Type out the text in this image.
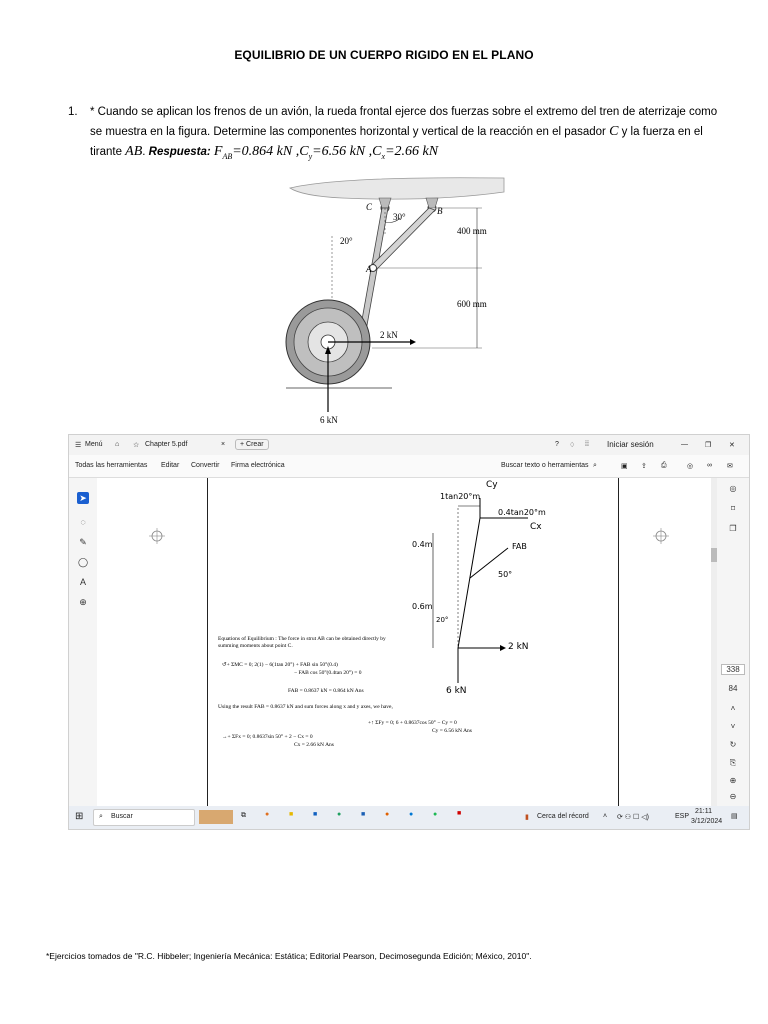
EQUILIBRIO DE UN CUERPO RIGIDO EN EL PLANO
1. * Cuando se aplican los frenos de un avión, la rueda frontal ejerce dos fuerzas sobre el extremo del tren de aterrizaje como se muestra en la figura. Determine las componentes horizontal y vertical de la reacción en el pasador C y la fuerza en el tirante AB. Respuesta: $F_{AB}=0.864$ kN $,C_y=6.56$ kN $,C_x=2.66$ kN
C	B
A
30°
20°
400 mm
600 mm
2 kN
6 kN
☰ Menú ⌂ ☆ Chapter 5.pdf	×	+ Crear	? ♢ ⁞⁞ Iniciar sesión	— ❐	✕
Todas las herramientas Editar Convertir Firma electrónica	Buscar texto o herramientas ⌕	▣ ⇪ ⎙	◎ ∞ ✉
➤
◌
✎
◯
A
⊕
Cy
1tan20°m
0.4tan20°m
Cx
0.4m	FAB
50°
0.6m
20°
2 kN
6 kN
Equations of Equilibrium : The force in strut AB can be obtained directly by summing moments about point C.
↺+ ΣMC = 0; 2(1) − 6(1tan 20°) + FAB sin 50°(0.4)
− FAB cos 50°(0.4tan 20°) = 0
FAB = 0.8637 kN = 0.864 kN Ans
Using the result FAB = 0.8637 kN and sum forces along x and y axes, we have,
+↑ ΣFy = 0; 6 + 0.8637cos 50° − Cy = 0
Cy = 6.56 kN Ans
→+ ΣFx = 0; 0.8637sin 50° + 2 − Cx = 0
Cx = 2.66 kN Ans
◎
⌑
❐
338
84
˄
˅
↻
⎘
⊕
⊖
⊞ ⌕ Buscar	⧉	●	■	■	●	■	●	●	●	■
▮ Cerca del récord ˄ ⟳ ⚇ ☐ ◁)	ESP
21:11
3/12/2024
▤
*Ejercicios tomados de "R.C. Hibbeler; Ingeniería Mecánica: Estática; Editorial Pearson, Decimosegunda Edición; México, 2010".
